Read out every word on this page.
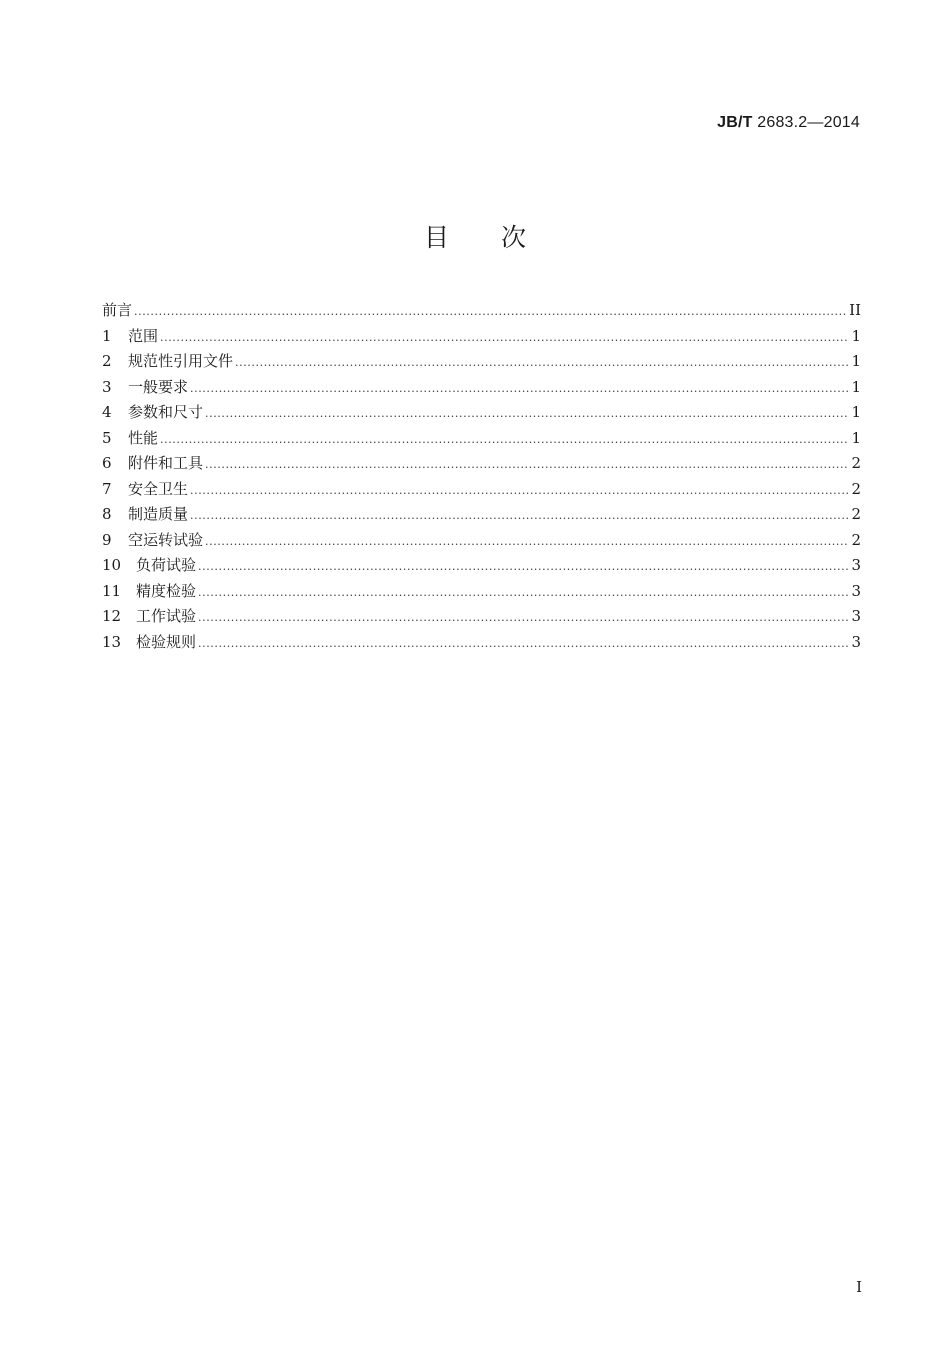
JB/T 2683.2—2014
目次
前言 .....	II
1	范围 .....	1
2	规范性引用文件 .....	1
3	一般要求 .....	1
4	参数和尺寸 .....	1
5	性能 .....	1
6	附件和工具 .....	2
7	安全卫生 .....	2
8	制造质量 .....	2
9	空运转试验 .....	2
10 负荷试验 .....	3
11 精度检验 .....	3
12 工作试验 .....	3
13 检验规则 .....	3
I
